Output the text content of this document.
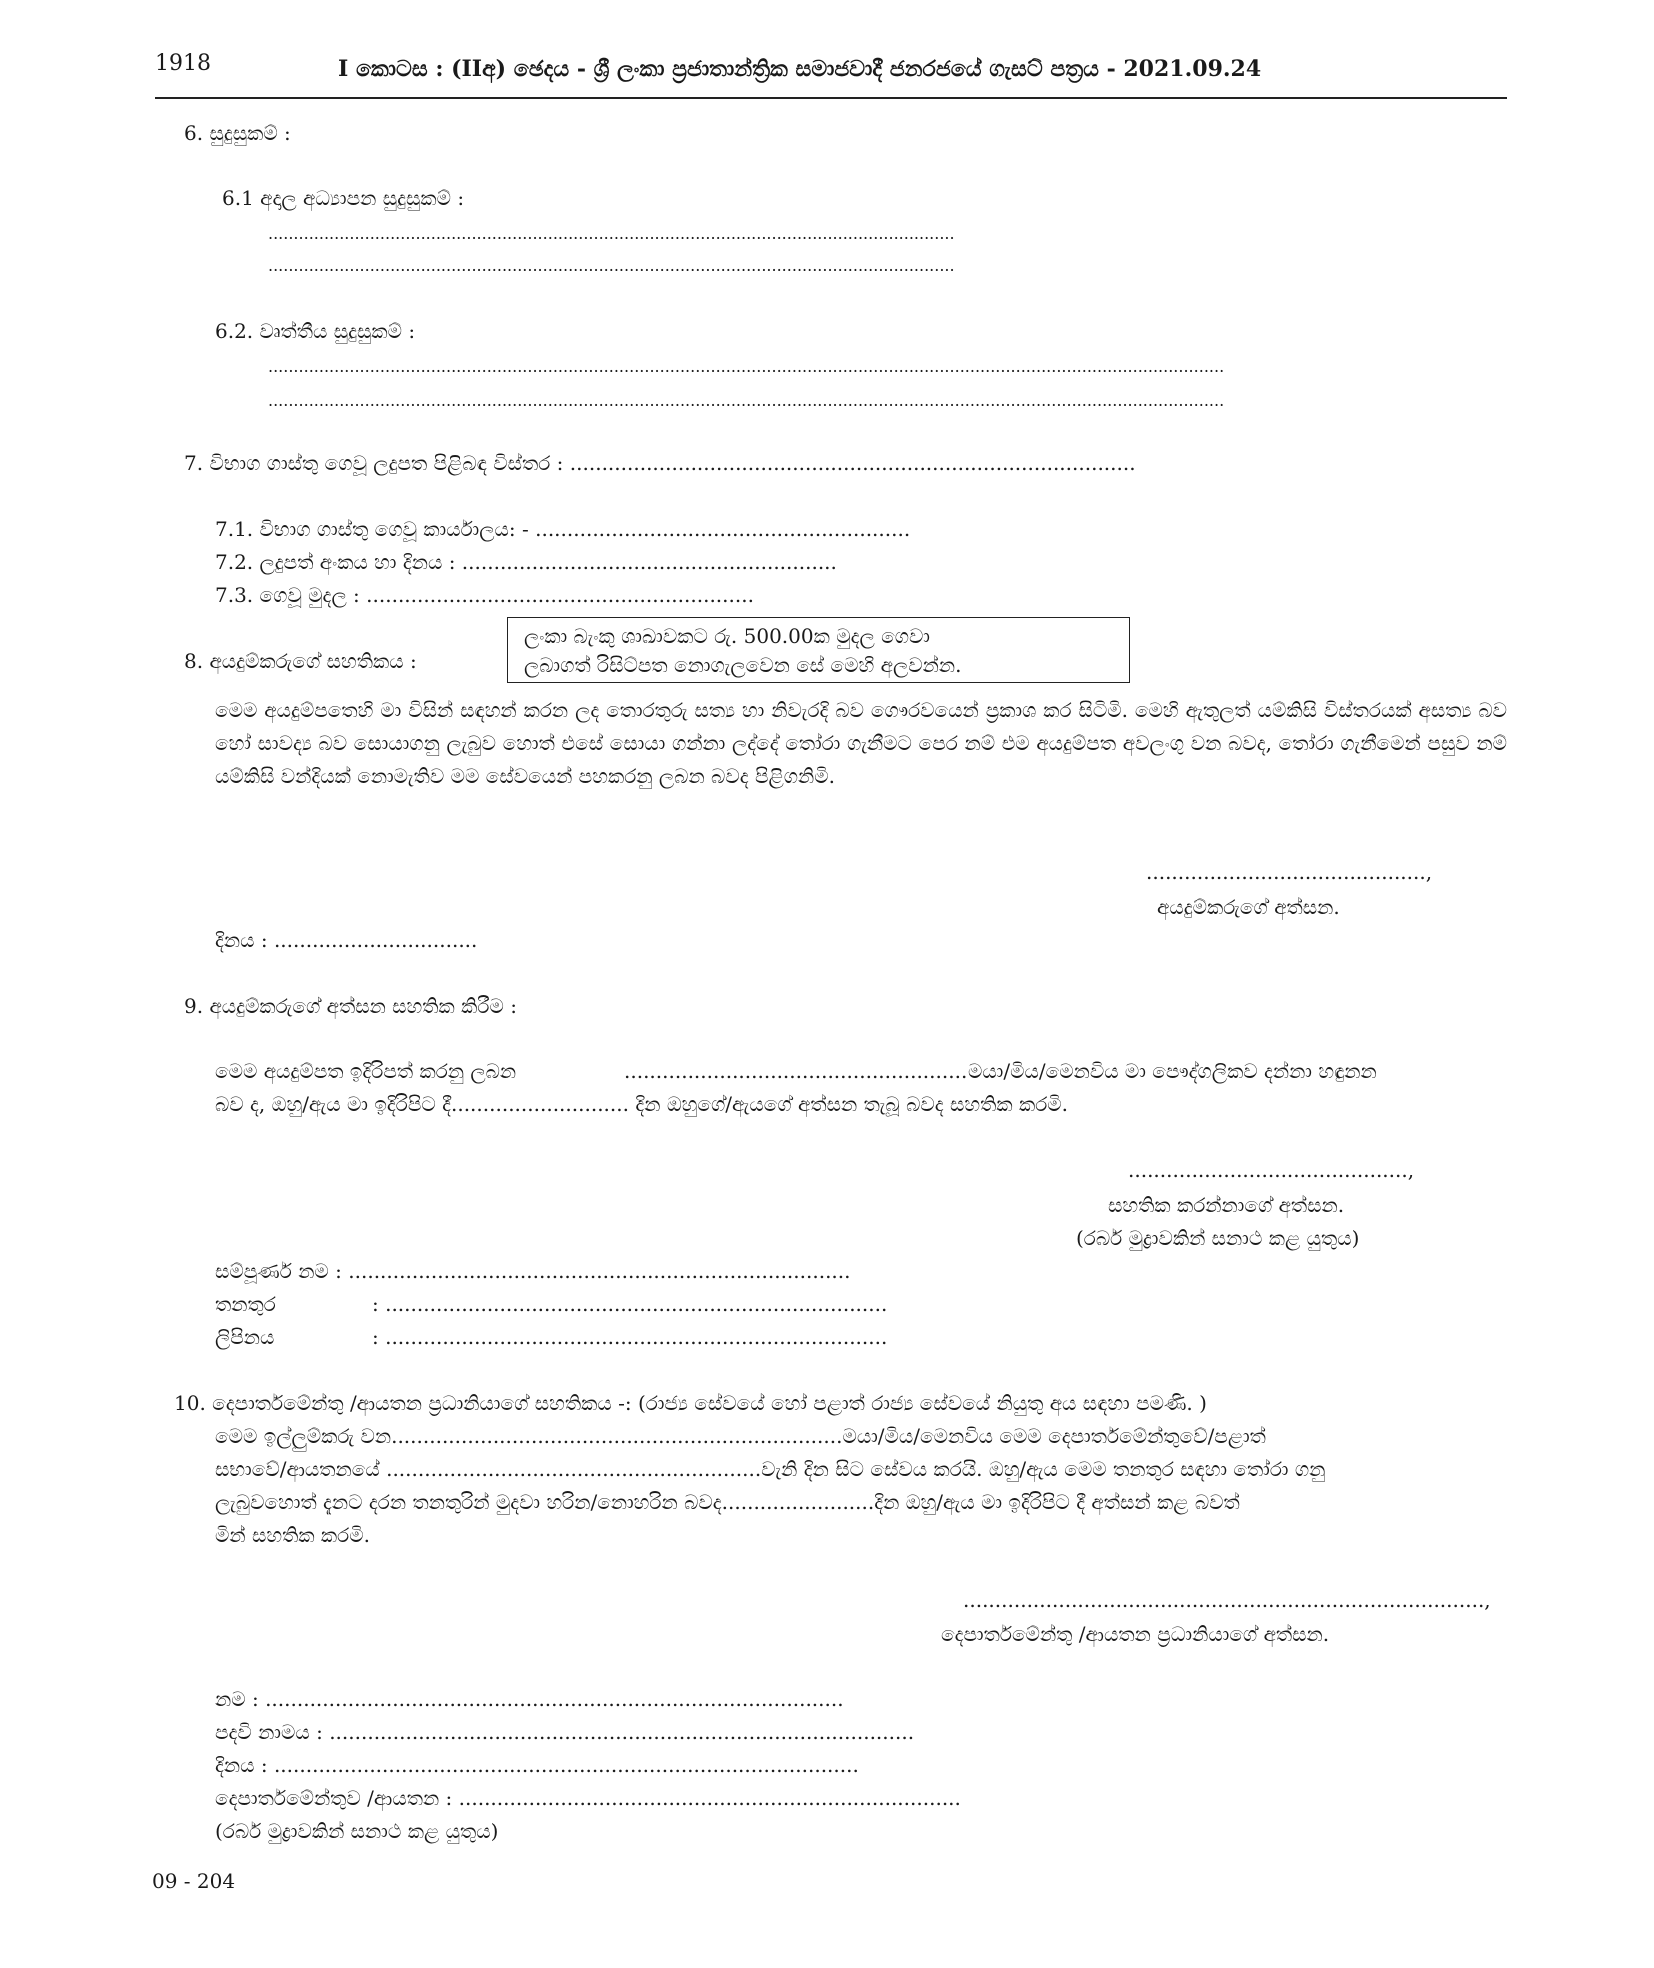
1918	I කොටස : (IIඅ) ඡෙදය - ශ්‍රී ලංකා ප්‍රජාතාන්ත්‍රික සමාජවාදී ජනරජයේ ගැසට් පත්‍රය - 2021.09.24
6. සුදුසුකම් :
6.1 අදාල අධ්‍යාපන සුදුසුකම් :
.......................................................................................................................................
.......................................................................................................................................
6.2. වෘත්තීය සුදුසුකම් :
............................................................................................................................................................................................
............................................................................................................................................................................................
7. විභාග ගාස්තු ගෙවූ ලදුපත පිළිබඳ විස්තර : .........................................................................................
7.1. විභාග ගාස්තු ගෙවූ කාර්යාලය: - ...........................................................
7.2. ලදුපත් අංකය හා දිනය : ...........................................................
7.3. ගෙවූ මුදල : .............................................................
8. අයදුම්කරුගේ සහතිකය :
ලංකා බැංකු ශාඛාවකට රු. 500.00ක මුදල ගෙවා
ලබාගත් රිසිට්පත නොගැලවෙන සේ මෙහි අලවන්න.
මෙම අයදුම්පතෙහි මා විසින් සඳහන් කරන ලද තොරතුරු සත්‍ය හා නිවැරදි බව ගෞරවයෙන් ප්‍රකාශ කර සිටිමි. මෙහි ඇතුලත් යම්කිසි විස්තරයක් අසත්‍ය බව හෝ සාවද්‍ය බව සොයාගනු ලැබුව හොත් එසේ සොයා ගන්නා ලද්දේ තෝරා ගැනීමට පෙර නම් එම අයදුම්පත අවලංගු වන බවද, තෝරා ගැනීමෙන් පසුව නම් යම්කිසි වන්දියක් නොමැතිව මම සේවයෙන් පහකරනු ලබන බවද පිළිගනිමි.
............................................,
අයදුම්කරුගේ අත්සන.
දිනය : ................................
9. අයදුම්කරුගේ අත්සන සහතික කිරීම :
මෙම අයදුම්පත ඉදිරිපත් කරනු ලබන	...................................................... මයා/මිය/මෙනවිය මා පෞද්ගලිකව දන්නා හඳුනන
බව ද, ඔහු/ඇය මා ඉදිරිපිට දී............................ දින ඔහුගේ/ඇයගේ අත්සන තැබූ බවද සහතික කරමි.
............................................,
සහතික කරන්නාගේ අත්සන.
(රබර් මුද්‍රාවකින් සනාථ කළ යුතුය)
සම්පූර්ණ නම : ...............................................................................
තනතුර	: ...............................................................................
ලිපිනය	: ...............................................................................
10. දෙපාර්තමේන්තු /ආයතන ප්‍රධානියාගේ සහතිකය -: (රාජ්‍ය සේවයේ හෝ පළාත් රාජ්‍ය සේවයේ නියුතු අය සඳහා පමණි. )
මෙම ඉල්ලුම්කරු වන.......................................................................මයා/මිය/මෙනවිය මෙම දෙපාර්තමේන්තුවේ/පළාත්
සභාවේ/ආයතනයේ ...........................................................වැනි දින සිට සේවය කරයි. ඔහු/ඇය මෙම තනතුර සඳහා තෝරා ගනු
ලැබුවහොත් දැනට දරන තනතුරින් මුදවා හරින/නොහරින බවද........................දින ඔහු/ඇය මා ඉදිරිපිට දී අත්සන් කළ බවත්
මින් සහතික කරමි.
..................................................................................,
දෙපාර්තමේන්තු /ආයතන ප්‍රධානියාගේ අත්සන.
නම : ...........................................................................................
පදවි නාමය : ............................................................................................
දිනය : ............................................................................................
දෙපාර්තමේන්තුව /ආයතන : ...............................................................................
(රබර් මුද්‍රාවකින් සනාථ කළ යුතුය)
09 - 204
